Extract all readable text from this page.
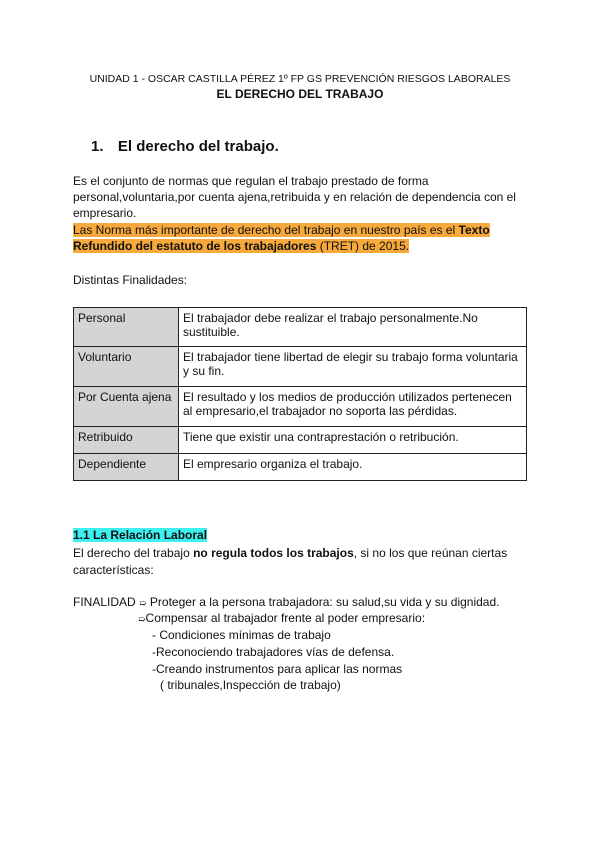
UNIDAD 1 - OSCAR CASTILLA PÉREZ 1º FP GS PREVENCIÓN RIESGOS LABORALES
EL DERECHO DEL TRABAJO
1. El derecho del trabajo.
Es el conjunto de normas que regulan el trabajo prestado de forma
personal,voluntaria,por cuenta ajena,retribuida y en relación de dependencia con el
empresario.
Las Norma más importante de derecho del trabajo en nuestro país es el Texto
Refundido del estatuto de los trabajadores (TRET) de 2015.
Distintas Finalidades:
Personal	El trabajador debe realizar el trabajo personalmente.No sustituible.
Voluntario	El trabajador tiene libertad de elegir su trabajo forma voluntaria y su fin.
Por Cuenta ajena	El resultado y los medios de producción utilizados pertenecen al empresario,el trabajador no soporta las pérdidas.
Retribuido	Tiene que existir una contraprestación o retribución.
Dependiente	El empresario organiza el trabajo.
1.1 La Relación Laboral
El derecho del trabajo no regula todos los trabajos, si no los que reúnan ciertas
características:
FINALIDAD ➯ Proteger a la persona trabajadora: su salud,su vida y su dignidad.
➯Compensar al trabajador frente al poder empresario:
- Condiciones mínimas de trabajo
-Reconociendo trabajadores vías de defensa.
-Creando instrumentos para aplicar las normas
( tribunales,Inspección de trabajo)
